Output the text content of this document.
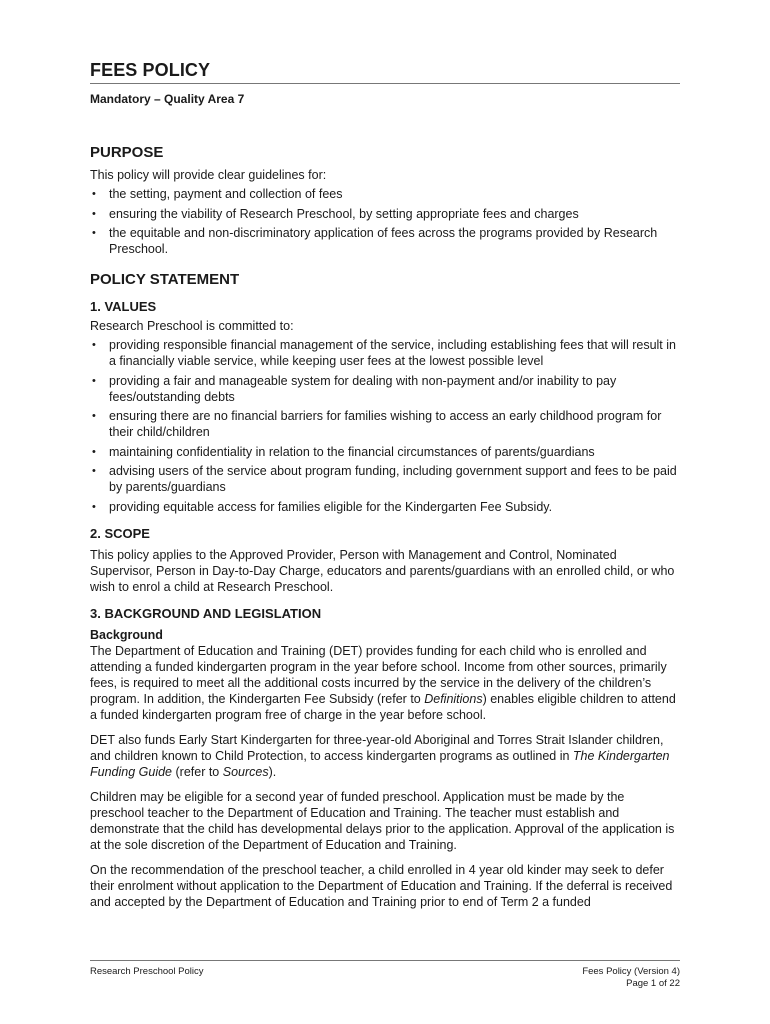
FEES POLICY
Mandatory – Quality Area 7
PURPOSE

This policy will provide clear guidelines for:

• the setting, payment and collection of fees
• ensuring the viability of Research Preschool, by setting appropriate fees and charges
• the equitable and non-discriminatory application of fees across the programs provided by Research Preschool.
POLICY STATEMENT
1. VALUES

Research Preschool is committed to:

• providing responsible financial management of the service, including establishing fees that will result in a financially viable service, while keeping user fees at the lowest possible level
• providing a fair and manageable system for dealing with non-payment and/or inability to pay fees/outstanding debts
• ensuring there are no financial barriers for families wishing to access an early childhood program for their child/children
• maintaining confidentiality in relation to the financial circumstances of parents/guardians
• advising users of the service about program funding, including government support and fees to be paid by parents/guardians
• providing equitable access for families eligible for the Kindergarten Fee Subsidy.
2. SCOPE

This policy applies to the Approved Provider, Person with Management and Control, Nominated Supervisor, Person in Day-to-Day Charge, educators and parents/guardians with an enrolled child, or who wish to enrol a child at Research Preschool.

3. BACKGROUND AND LEGISLATION
Background

The Department of Education and Training (DET) provides funding for each child who is enrolled and attending a funded kindergarten program in the year before school. Income from other sources, primarily fees, is required to meet all the additional costs incurred by the service in the delivery of the children’s program. In addition, the Kindergarten Fee Subsidy (refer to Definitions) enables eligible children to attend a funded kindergarten program free of charge in the year before school.

DET also funds Early Start Kindergarten for three-year-old Aboriginal and Torres Strait Islander children, and children known to Child Protection, to access kindergarten programs as outlined in The Kindergarten Funding Guide (refer to Sources).

Children may be eligible for a second year of funded preschool. Application must be made by the preschool teacher to the Department of Education and Training. The teacher must establish and demonstrate that the child has developmental delays prior to the application. Approval of the application is at the sole discretion of the Department of Education and Training.

On the recommendation of the preschool teacher, a child enrolled in 4 year old kinder may seek to defer their enrolment without application to the Department of Education and Training. If the deferral is received and accepted by the Department of Education and Training prior to end of Term 2 a funded

Research Preschool Policy	Fees Policy (Version 4)
Page 1 of 22
